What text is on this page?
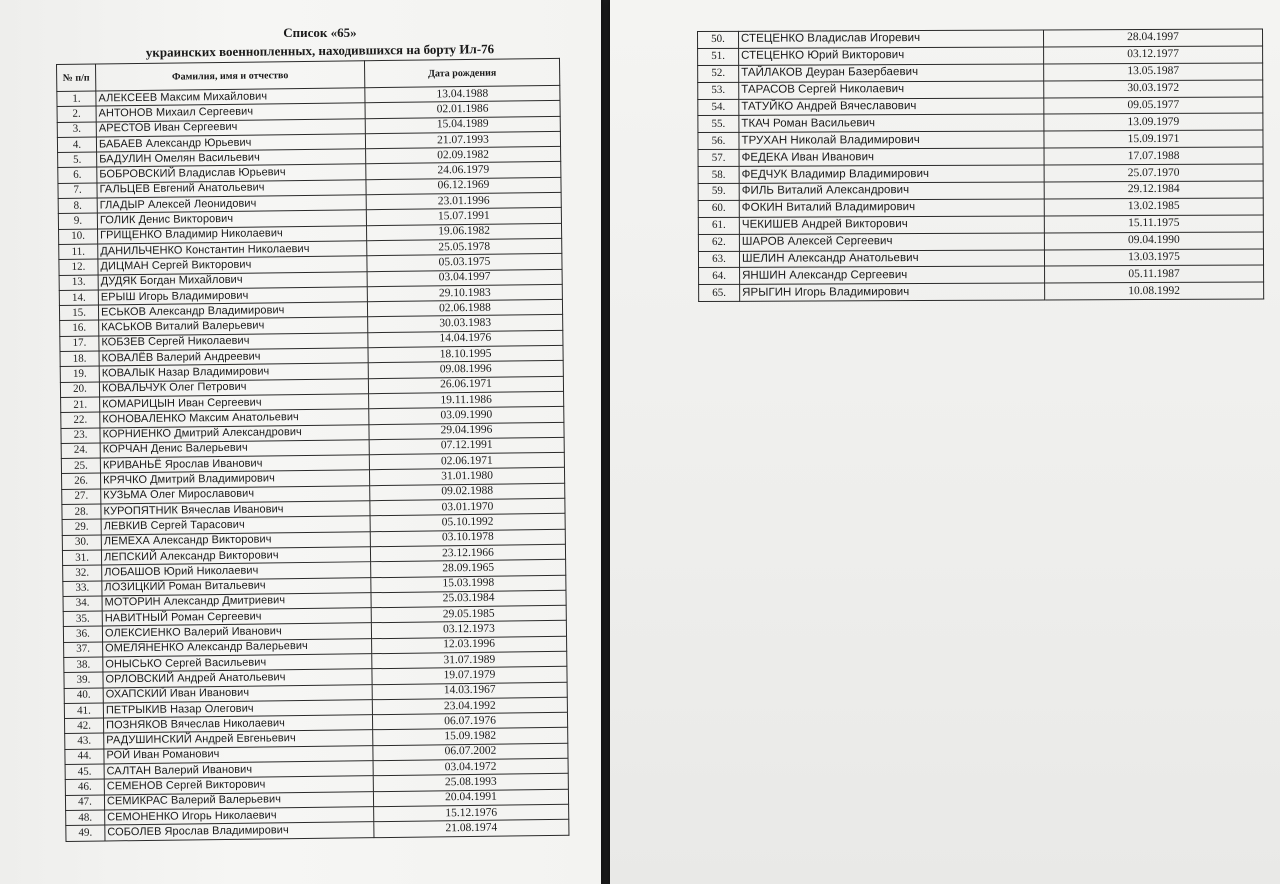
Список «65»
украинских военнопленных, находившихся на борту Ил-76
№ п/п	Фамилия, имя и отчество	Дата рождения
1.	АЛЕКСЕЕВ Максим Михайлович	13.04.1988
2.	АНТОНОВ Михаил Сергеевич	02.01.1986
3.	АРЕСТОВ Иван Сергеевич	15.04.1989
4.	БАБАЕВ Александр Юрьевич	21.07.1993
5.	БАДУЛИН Омелян Васильевич	02.09.1982
6.	БОБРОВСКИЙ Владислав Юрьевич	24.06.1979
7.	ГАЛЬЦЕВ Евгений Анатольевич	06.12.1969
8.	ГЛАДЫР Алексей Леонидович	23.01.1996
9.	ГОЛИК Денис Викторович	15.07.1991
10.	ГРИЩЕНКО Владимир Николаевич	19.06.1982
11.	ДАНИЛЬЧЕНКО Константин Николаевич	25.05.1978
12.	ДИЦМАН Сергей Викторович	05.03.1975
13.	ДУДЯК Богдан Михайлович	03.04.1997
14.	ЕРЫШ Игорь Владимирович	29.10.1983
15.	ЕСЬКОВ Александр Владимирович	02.06.1988
16.	КАСЬКОВ Виталий Валерьевич	30.03.1983
17.	КОБЗЕВ Сергей Николаевич	14.04.1976
18.	КОВАЛЁВ Валерий Андреевич	18.10.1995
19.	КОВАЛЫК Назар Владимирович	09.08.1996
20.	КОВАЛЬЧУК Олег Петрович	26.06.1971
21.	КОМАРИЦЫН Иван Сергеевич	19.11.1986
22.	КОНОВАЛЕНКО Максим Анатольевич	03.09.1990
23.	КОРНИЕНКО Дмитрий Александрович	29.04.1996
24.	КОРЧАН Денис Валерьевич	07.12.1991
25.	КРИВАНЬЁ Ярослав Иванович	02.06.1971
26.	КРЯЧКО Дмитрий Владимирович	31.01.1980
27.	КУЗЬМА Олег Мирославович	09.02.1988
28.	КУРОПЯТНИК Вячеслав Иванович	03.01.1970
29.	ЛЕВКИВ Сергей Тарасович	05.10.1992
30.	ЛЕМЕХА Александр Викторович	03.10.1978
31.	ЛЕПСКИЙ Александр Викторович	23.12.1966
32.	ЛОБАШОВ Юрий Николаевич	28.09.1965
33.	ЛОЗИЦКИЙ Роман Витальевич	15.03.1998
34.	МОТОРИН Александр Дмитриевич	25.03.1984
35.	НАВИТНЫЙ Роман Сергеевич	29.05.1985
36.	ОЛЕКСИЕНКО Валерий Иванович	03.12.1973
37.	ОМЕЛЯНЕНКО Александр Валерьевич	12.03.1996
38.	ОНЫСЬКО Сергей Васильевич	31.07.1989
39.	ОРЛОВСКИЙ Андрей Анатольевич	19.07.1979
40.	ОХАПСКИЙ Иван Иванович	14.03.1967
41.	ПЕТРЫКИВ Назар Олегович	23.04.1992
42.	ПОЗНЯКОВ Вячеслав Николаевич	06.07.1976
43.	РАДУШИНСКИЙ Андрей Евгеньевич	15.09.1982
44.	РОЙ Иван Романович	06.07.2002
45.	САЛТАН Валерий Иванович	03.04.1972
46.	СЕМЕНОВ Сергей Викторович	25.08.1993
47.	СЕМИКРАС Валерий Валерьевич	20.04.1991
48.	СЕМОНЕНКО Игорь Николаевич	15.12.1976
49.	СОБОЛЕВ Ярослав Владимирович	21.08.1974
50.	СТЕЦЕНКО Владислав Игоревич	28.04.1997
51.	СТЕЦЕНКО Юрий Викторович	03.12.1977
52.	ТАЙЛАКОВ Деуран Базербаевич	13.05.1987
53.	ТАРАСОВ Сергей Николаевич	30.03.1972
54.	ТАТУЙКО Андрей Вячеславович	09.05.1977
55.	ТКАЧ Роман Васильевич	13.09.1979
56.	ТРУХАН Николай Владимирович	15.09.1971
57.	ФЕДЕКА Иван Иванович	17.07.1988
58.	ФЕДЧУК Владимир Владимирович	25.07.1970
59.	ФИЛЬ Виталий Александрович	29.12.1984
60.	ФОКИН Виталий Владимирович	13.02.1985
61.	ЧЕКИШЕВ Андрей Викторович	15.11.1975
62.	ШАРОВ Алексей Сергеевич	09.04.1990
63.	ШЕЛИН Александр Анатольевич	13.03.1975
64.	ЯНШИН Александр Сергеевич	05.11.1987
65.	ЯРЫГИН Игорь Владимирович	10.08.1992
